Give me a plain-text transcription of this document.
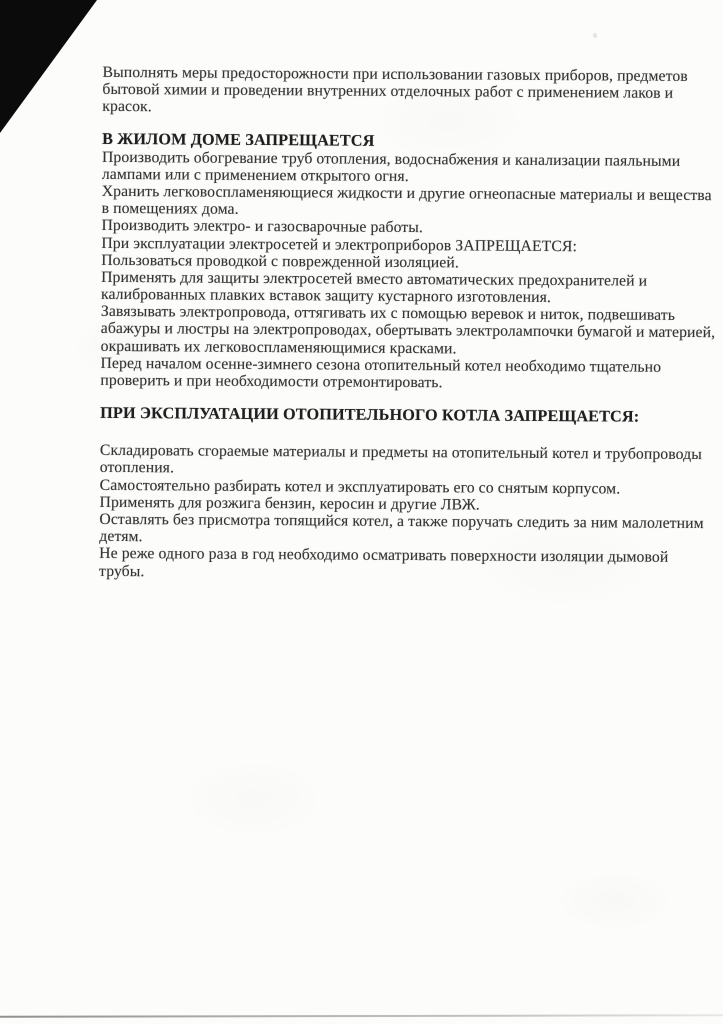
Выполнять меры предосторожности при использовании газовых приборов, предметов
бытовой химии и проведении внутренних отделочных работ с применением лаков и
красок.
В ЖИЛОМ ДОМЕ ЗАПРЕЩАЕТСЯ
Производить обогревание труб отопления, водоснабжения и канализации паяльными
лампами или с применением открытого огня.
Хранить легковоспламеняющиеся жидкости и другие огнеопасные материалы и вещества
в помещениях дома.
Производить электро- и газосварочные работы.
При эксплуатации электросетей и электроприборов ЗАПРЕЩАЕТСЯ:
Пользоваться проводкой с поврежденной изоляцией.
Применять для защиты электросетей вместо автоматических предохранителей и
калиброванных плавких вставок защиту кустарного изготовления.
Завязывать электропровода, оттягивать их с помощью веревок и ниток, подвешивать
абажуры и люстры на электропроводах, обертывать электролампочки бумагой и материей,
окрашивать их легковоспламеняющимися красками.
Перед началом осенне-зимнего сезона отопительный котел необходимо тщательно
проверить и при необходимости отремонтировать.
ПРИ ЭКСПЛУАТАЦИИ ОТОПИТЕЛЬНОГО КОТЛА ЗАПРЕЩАЕТСЯ:
Складировать сгораемые материалы и предметы на отопительный котел и трубопроводы
отопления.
Самостоятельно разбирать котел и эксплуатировать его со снятым корпусом.
Применять для розжига бензин, керосин и другие ЛВЖ.
Оставлять без присмотра топящийся котел, а также поручать следить за ним малолетним
детям.
Не реже одного раза в год необходимо осматривать поверхности изоляции дымовой
трубы.
